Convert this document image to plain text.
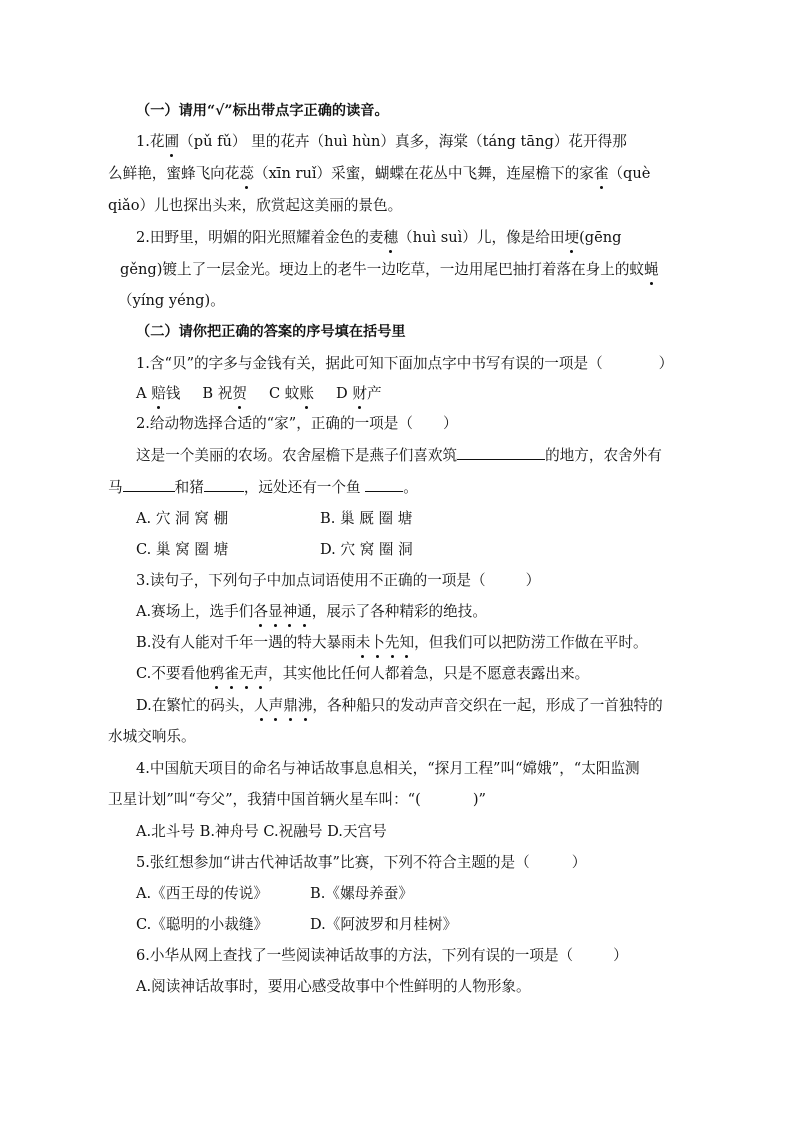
（一）请用“√”标出带点字正确的读音。
1.花圃（pǔ fǔ） 里的花卉（huì hùn）真多，海棠（táng tāng）花开得那
么鲜艳，蜜蜂飞向花蕊（xīn ruǐ）采蜜，蝴蝶在花丛中飞舞，连屋檐下的家雀（què
qiǎo）儿也探出头来，欣赏起这美丽的景色。
2.田野里，明媚的阳光照耀着金色的麦穗（huì suì）儿，像是给田埂(gēng
gěng)镀上了一层金光。埂边上的老牛一边吃草，一边用尾巴抽打着落在身上的蚊蝇
（yíng yéng)。
（二）请你把正确的答案的序号填在括号里
1.含“贝”的字多与金钱有关，据此可知下面加点字中书写有误的一项是（	）
A 赔钱 B 祝贺 C 蚊账 D 财产
2.给动物选择合适的“家”，正确的一项是（ ）
这是一个美丽的农场。农舍屋檐下是燕子们喜欢筑	的地方，农舍外有
马	和猪	，远处还有一个鱼	。
A. 穴 洞 窝 棚	B. 巢 厩 圈 塘
C. 巢 窝 圈 塘	D. 穴 窝 圈 洞
3.读句子，下列句子中加点词语使用不正确的一项是（	）
A.赛场上，选手们各显神通，展示了各种精彩的绝技。
B.没有人能对千年一遇的特大暴雨未卜先知，但我们可以把防涝工作做在平时。
C.不要看他鸦雀无声，其实他比任何人都着急，只是不愿意表露出来。
D.在繁忙的码头，人声鼎沸，各种船只的发动声音交织在一起，形成了一首独特的
水城交响乐。
4.中国航天项目的命名与神话故事息息相关，“探月工程”叫“嫦娥”，“太阳监测
卫星计划”叫“夸父”，我猜中国首辆火星车叫：“(	)”
A.北斗号 B.神舟号 C.祝融号 D.天宫号
5.张红想参加“讲古代神话故事”比赛，下列不符合主题的是（	）
A.《西王母的传说》	B.《嫘母养蚕》
C.《聪明的小裁缝》	D.《阿波罗和月桂树》
6.小华从网上查找了一些阅读神话故事的方法，下列有误的一项是（	）
A.阅读神话故事时，要用心感受故事中个性鲜明的人物形象。
